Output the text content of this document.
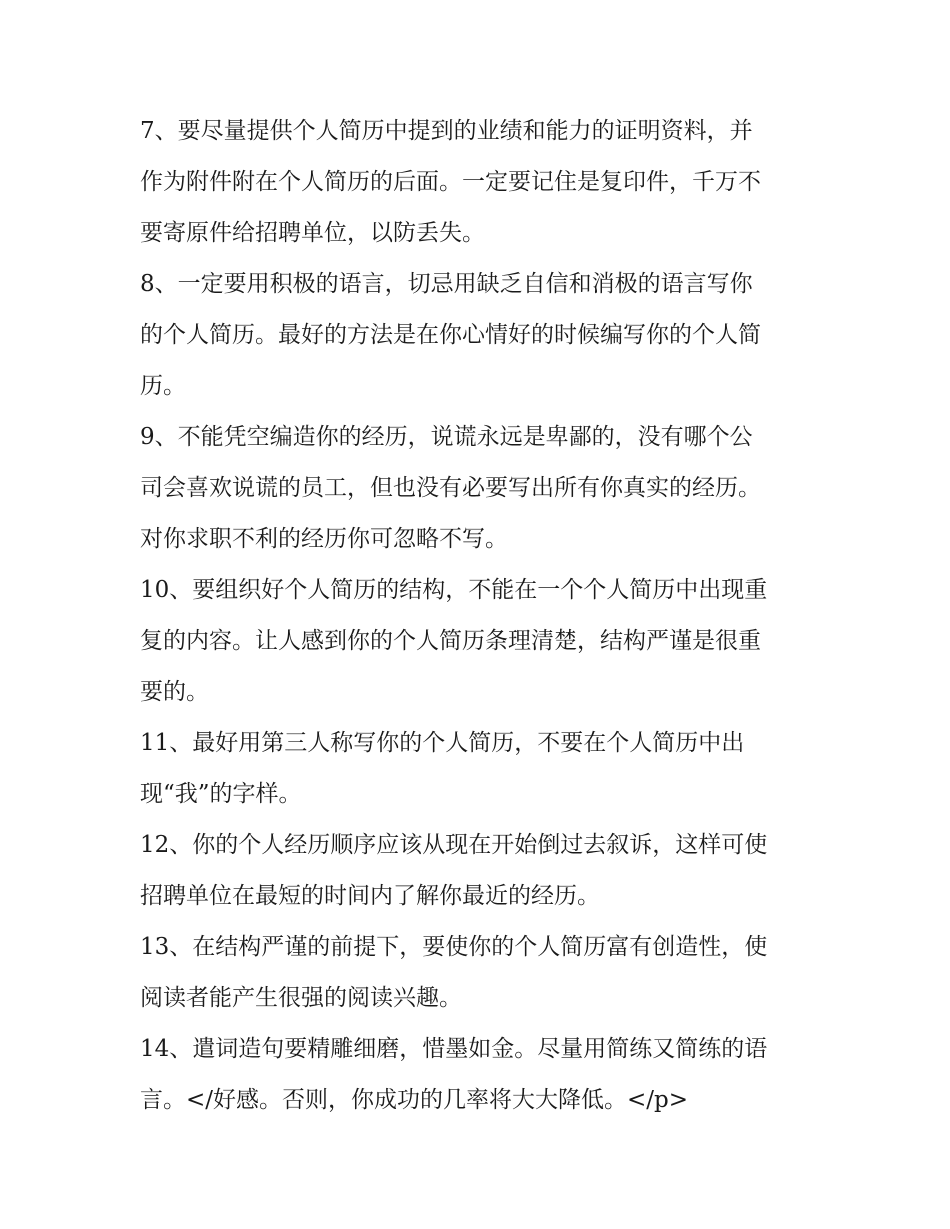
7、要尽量提供个人简历中提到的业绩和能力的证明资料，并
作为附件附在个人简历的后面。一定要记住是复印件，千万不
要寄原件给招聘单位，以防丢失。

8、一定要用积极的语言，切忌用缺乏自信和消极的语言写你
的个人简历。最好的方法是在你心情好的时候编写你的个人简
历。

9、不能凭空编造你的经历，说谎永远是卑鄙的，没有哪个公
司会喜欢说谎的员工，但也没有必要写出所有你真实的经历。
对你求职不利的经历你可忽略不写。

10、要组织好个人简历的结构，不能在一个个人简历中出现重
复的内容。让人感到你的个人简历条理清楚，结构严谨是很重
要的。

11、最好用第三人称写你的个人简历，不要在个人简历中出
现“我”的字样。

12、你的个人经历顺序应该从现在开始倒过去叙诉，这样可使
招聘单位在最短的时间内了解你最近的经历。

13、在结构严谨的前提下，要使你的个人简历富有创造性，使
阅读者能产生很强的阅读兴趣。

14、遣词造句要精雕细磨，惜墨如金。尽量用简练又简练的语
言。</好感。否则，你成功的几率将大大降低。</p>
